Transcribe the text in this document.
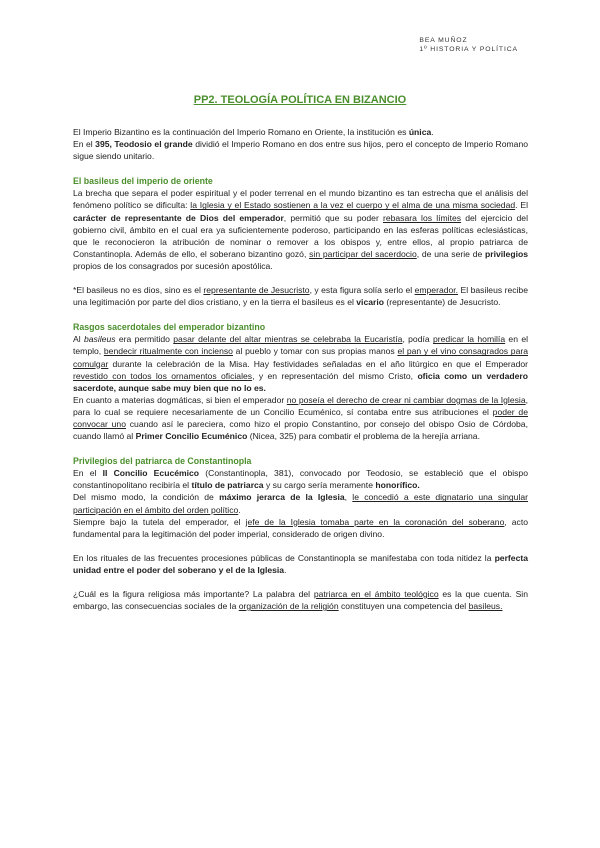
BEA MUÑOZ
1º HISTORIA Y POLÍTICA
PP2. TEOLOGÍA POLÍTICA EN BIZANCIO

El Imperio Bizantino es la continuación del Imperio Romano en Oriente, la institución es única.

En el 395, Teodosio el grande dividió el Imperio Romano en dos entre sus hijos, pero el concepto de Imperio Romano sigue siendo unitario.

El basileus del imperio de oriente

La brecha que separa el poder espiritual y el poder terrenal en el mundo bizantino es tan estrecha que el análisis del fenómeno político se dificulta: la Iglesia y el Estado sostienen a la vez el cuerpo y el alma de una misma sociedad. El carácter de representante de Dios del emperador, permitió que su poder rebasara los límites del ejercicio del gobierno civil, ámbito en el cual era ya suficientemente poderoso, participando en las esferas políticas eclesiásticas, que le reconocieron la atribución de nominar o remover a los obispos y, entre ellos, al propio patriarca de Constantinopla. Además de ello, el soberano bizantino gozó, sin participar del sacerdocio, de una serie de privilegios propios de los consagrados por sucesión apostólica.

*El basileus no es dios, sino es el representante de Jesucristo, y esta figura solía serlo el emperador. El basileus recibe una legitimación por parte del dios cristiano, y en la tierra el basileus es el vicario (representante) de Jesucristo.

Rasgos sacerdotales del emperador bizantino

Al basileus era permitido pasar delante del altar mientras se celebraba la Eucaristía, podía predicar la homilía en el templo, bendecir ritualmente con incienso al pueblo y tomar con sus propias manos el pan y el vino consagrados para comulgar durante la celebración de la Misa. Hay festividades señaladas en el año litúrgico en que el Emperador revestido con todos los ornamentos oficiales, y en representación del mismo Cristo, oficia como un verdadero sacerdote, aunque sabe muy bien que no lo es.

En cuanto a materias dogmáticas, si bien el emperador no poseía el derecho de crear ni cambiar dogmas de la Iglesia, para lo cual se requiere necesariamente de un Concilio Ecuménico, sí contaba entre sus atribuciones el poder de convocar uno cuando así le pareciera, como hizo el propio Constantino, por consejo del obispo Osio de Córdoba, cuando llamó al Primer Concilio Ecuménico (Nicea, 325) para combatir el problema de la herejía arriana.

Privilegios del patriarca de Constantinopla

En el II Concilio Ecucémico (Constantinopla, 381), convocado por Teodosio, se estableció que el obispo constantinopolitano recibiría el título de patriarca y su cargo sería meramente honorífico.

Del mismo modo, la condición de máximo jerarca de la Iglesia, le concedió a este dignatario una singular participación en el ámbito del orden político.

Siempre bajo la tutela del emperador, el jefe de la Iglesia tomaba parte en la coronación del soberano, acto fundamental para la legitimación del poder imperial, considerado de origen divino.

En los rituales de las frecuentes procesiones públicas de Constantinopla se manifestaba con toda nitidez la perfecta unidad entre el poder del soberano y el de la Iglesia.

¿Cuál es la figura religiosa más importante? La palabra del patriarca en el ámbito teológico es la que cuenta. Sin embargo, las consecuencias sociales de la organización de la religión constituyen una competencia del basileus.
